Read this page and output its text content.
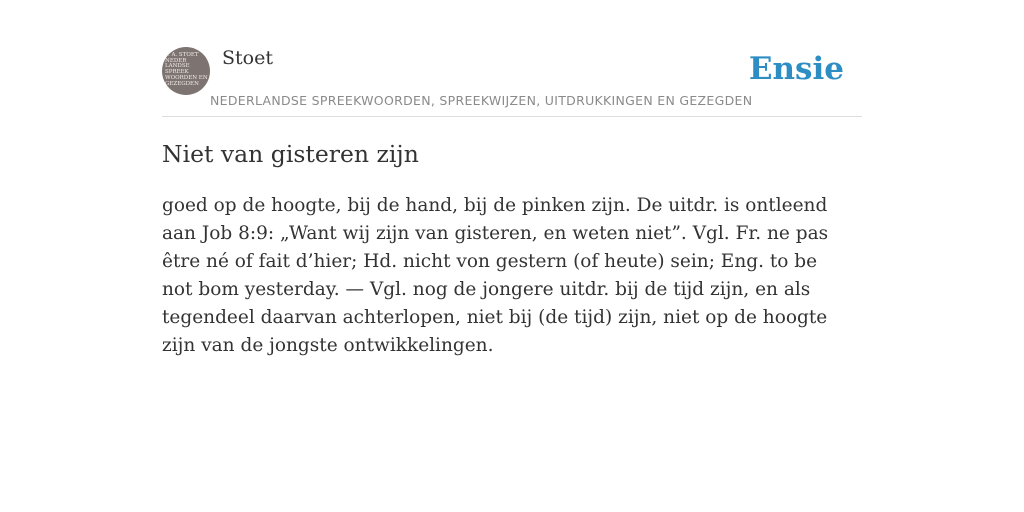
F. A. STOET
NEDER
LANDSE
SPREEK
WOORDEN EN
GEZEGDEN
Stoet
NEDERLANDSE SPREEKWOORDEN, SPREEKWIJZEN, UITDRUKKINGEN EN GEZEGDEN
Ensie
Niet van gisteren zijn

goed op de hoogte, bij de hand, bij de pinken zijn. De uitdr. is ontleend aan Job 8:9: „Want wij zijn van gisteren, en weten niet”. Vgl. Fr. ne pas être né of fait d’hier; Hd. nicht von gestern (of heute) sein; Eng. to be not bom yesterday. — Vgl. nog de jongere uitdr. bij de tijd zijn, en als tegendeel daarvan achterlopen, niet bij (de tijd) zijn, niet op de hoogte zijn van de jongste ontwikkelingen.
